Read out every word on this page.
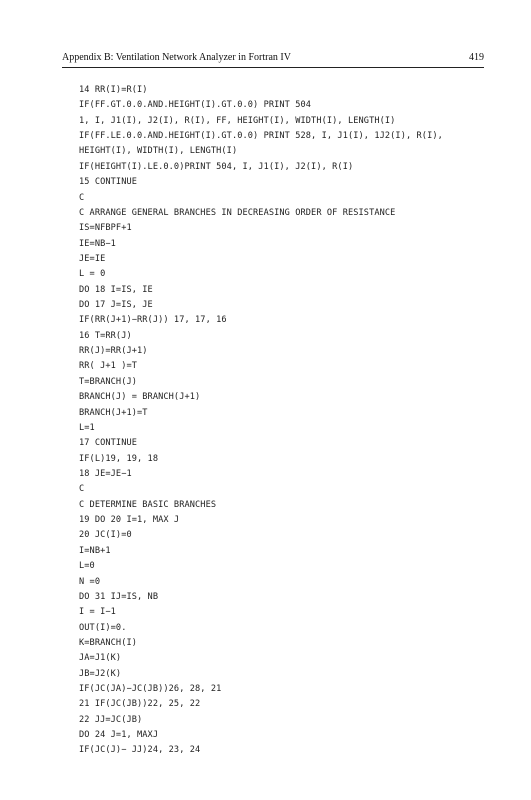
Appendix B: Ventilation Network Analyzer in Fortran IV	419
14 RR(I)=R(I)
IF(FF.GT.0.0.AND.HEIGHT(I).GT.0.0) PRINT 504
1, I, J1(I), J2(I), R(I), FF, HEIGHT(I), WIDTH(I), LENGTH(I)
IF(FF.LE.0.0.AND.HEIGHT(I).GT.0.0) PRINT 528, I, J1(I), 1J2(I), R(I),
HEIGHT(I), WIDTH(I), LENGTH(I)
IF(HEIGHT(I).LE.0.0)PRINT 504, I, J1(I), J2(I), R(I)
15 CONTINUE
C
C ARRANGE GENERAL BRANCHES IN DECREASING ORDER OF RESISTANCE
IS=NFBPF+1
IE=NB−1
JE=IE
L = 0
DO 18 I=IS, IE
DO 17 J=IS, JE
IF(RR(J+1)−RR(J)) 17, 17, 16
16 T=RR(J)
RR(J)=RR(J+1)
RR( J+1 )=T
T=BRANCH(J)
BRANCH(J) = BRANCH(J+1)
BRANCH(J+1)=T
L=1
17 CONTINUE
IF(L)19, 19, 18
18 JE=JE−1
C
C DETERMINE BASIC BRANCHES
19 DO 20 I=1, MAX J
20 JC(I)=0
I=NB+1
L=0
N =0
DO 31 IJ=IS, NB
I = I−1
OUT(I)=0.
K=BRANCH(I)
JA=J1(K)
JB=J2(K)
IF(JC(JA)−JC(JB))26, 28, 21
21 IF(JC(JB))22, 25, 22
22 JJ=JC(JB)
DO 24 J=1, MAXJ
IF(JC(J)− JJ)24, 23, 24
